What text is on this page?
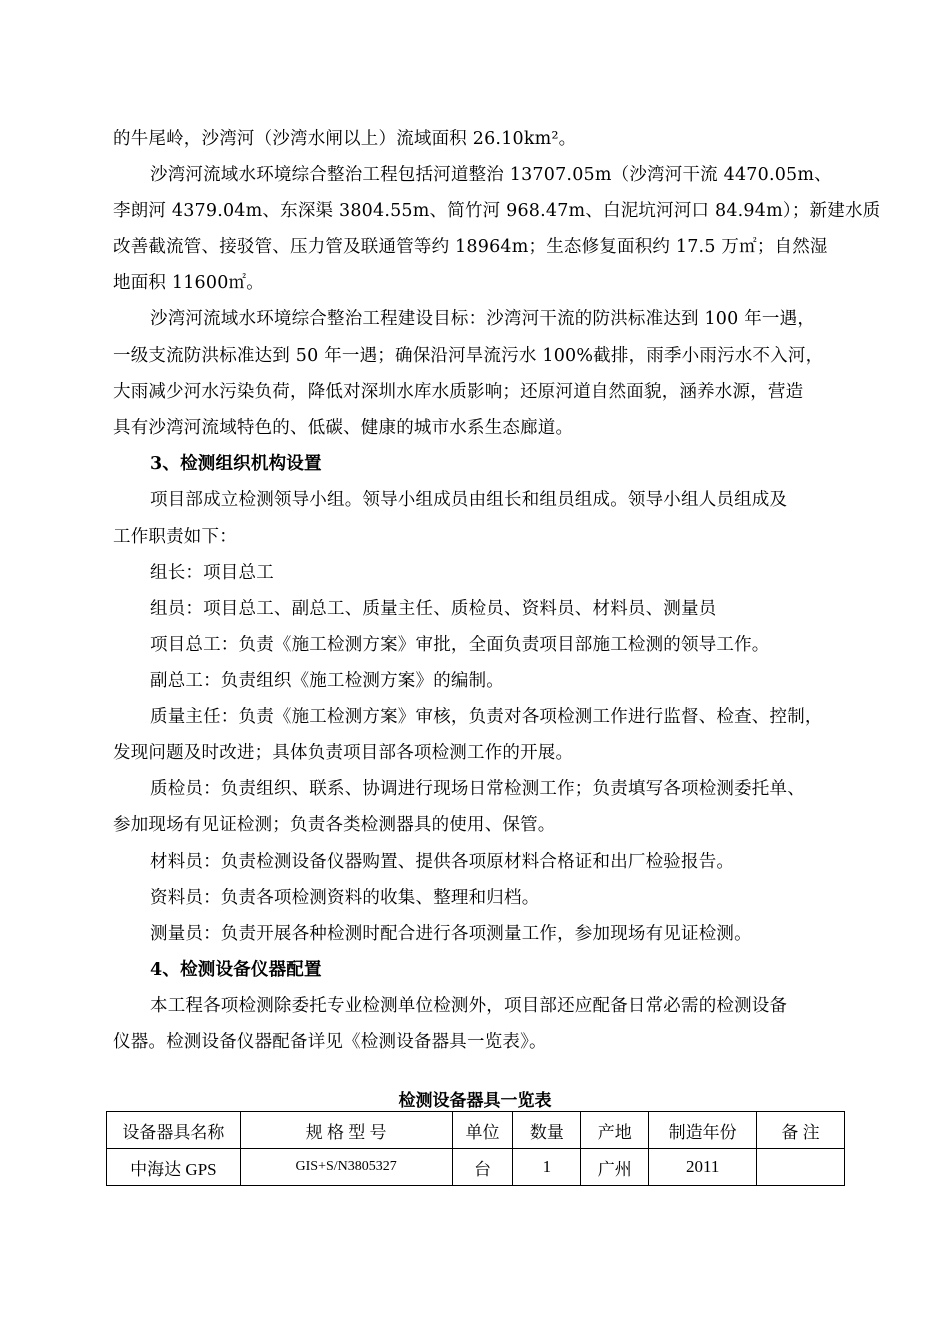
的牛尾岭，沙湾河（沙湾水闸以上）流域面积 26.10km²。
沙湾河流域水环境综合整治工程包括河道整治 13707.05m（沙湾河干流 4470.05m、
李朗河 4379.04m、东深渠 3804.55m、简竹河 968.47m、白泥坑河河口 84.94m）；新建水质
改善截流管、接驳管、压力管及联通管等约 18964m；生态修复面积约 17.5 万㎡；自然湿
地面积 11600㎡。
沙湾河流域水环境综合整治工程建设目标：沙湾河干流的防洪标准达到 100 年一遇，
一级支流防洪标准达到 50 年一遇；确保沿河旱流污水 100%截排，雨季小雨污水不入河，
大雨减少河水污染负荷，降低对深圳水库水质影响；还原河道自然面貌，涵养水源，营造
具有沙湾河流域特色的、低碳、健康的城市水系生态廊道。
3、检测组织机构设置
项目部成立检测领导小组。领导小组成员由组长和组员组成。领导小组人员组成及
工作职责如下：
组长：项目总工
组员：项目总工、副总工、质量主任、质检员、资料员、材料员、测量员
项目总工：负责《施工检测方案》审批，全面负责项目部施工检测的领导工作。
副总工：负责组织《施工检测方案》的编制。
质量主任：负责《施工检测方案》审核，负责对各项检测工作进行监督、检查、控制，
发现问题及时改进；具体负责项目部各项检测工作的开展。
质检员：负责组织、联系、协调进行现场日常检测工作；负责填写各项检测委托单、
参加现场有见证检测；负责各类检测器具的使用、保管。
材料员：负责检测设备仪器购置、提供各项原材料合格证和出厂检验报告。
资料员：负责各项检测资料的收集、整理和归档。
测量员：负责开展各种检测时配合进行各项测量工作，参加现场有见证检测。
4、检测设备仪器配置
本工程各项检测除委托专业检测单位检测外，项目部还应配备日常必需的检测设备
仪器。检测设备仪器配备详见《检测设备器具一览表》。
检测设备器具一览表
设备器具名称	规 格 型 号	单位	数量	产地	制造年份	备 注
中海达 GPS	GIS+S/N3805327	台	1	广州	2011	
